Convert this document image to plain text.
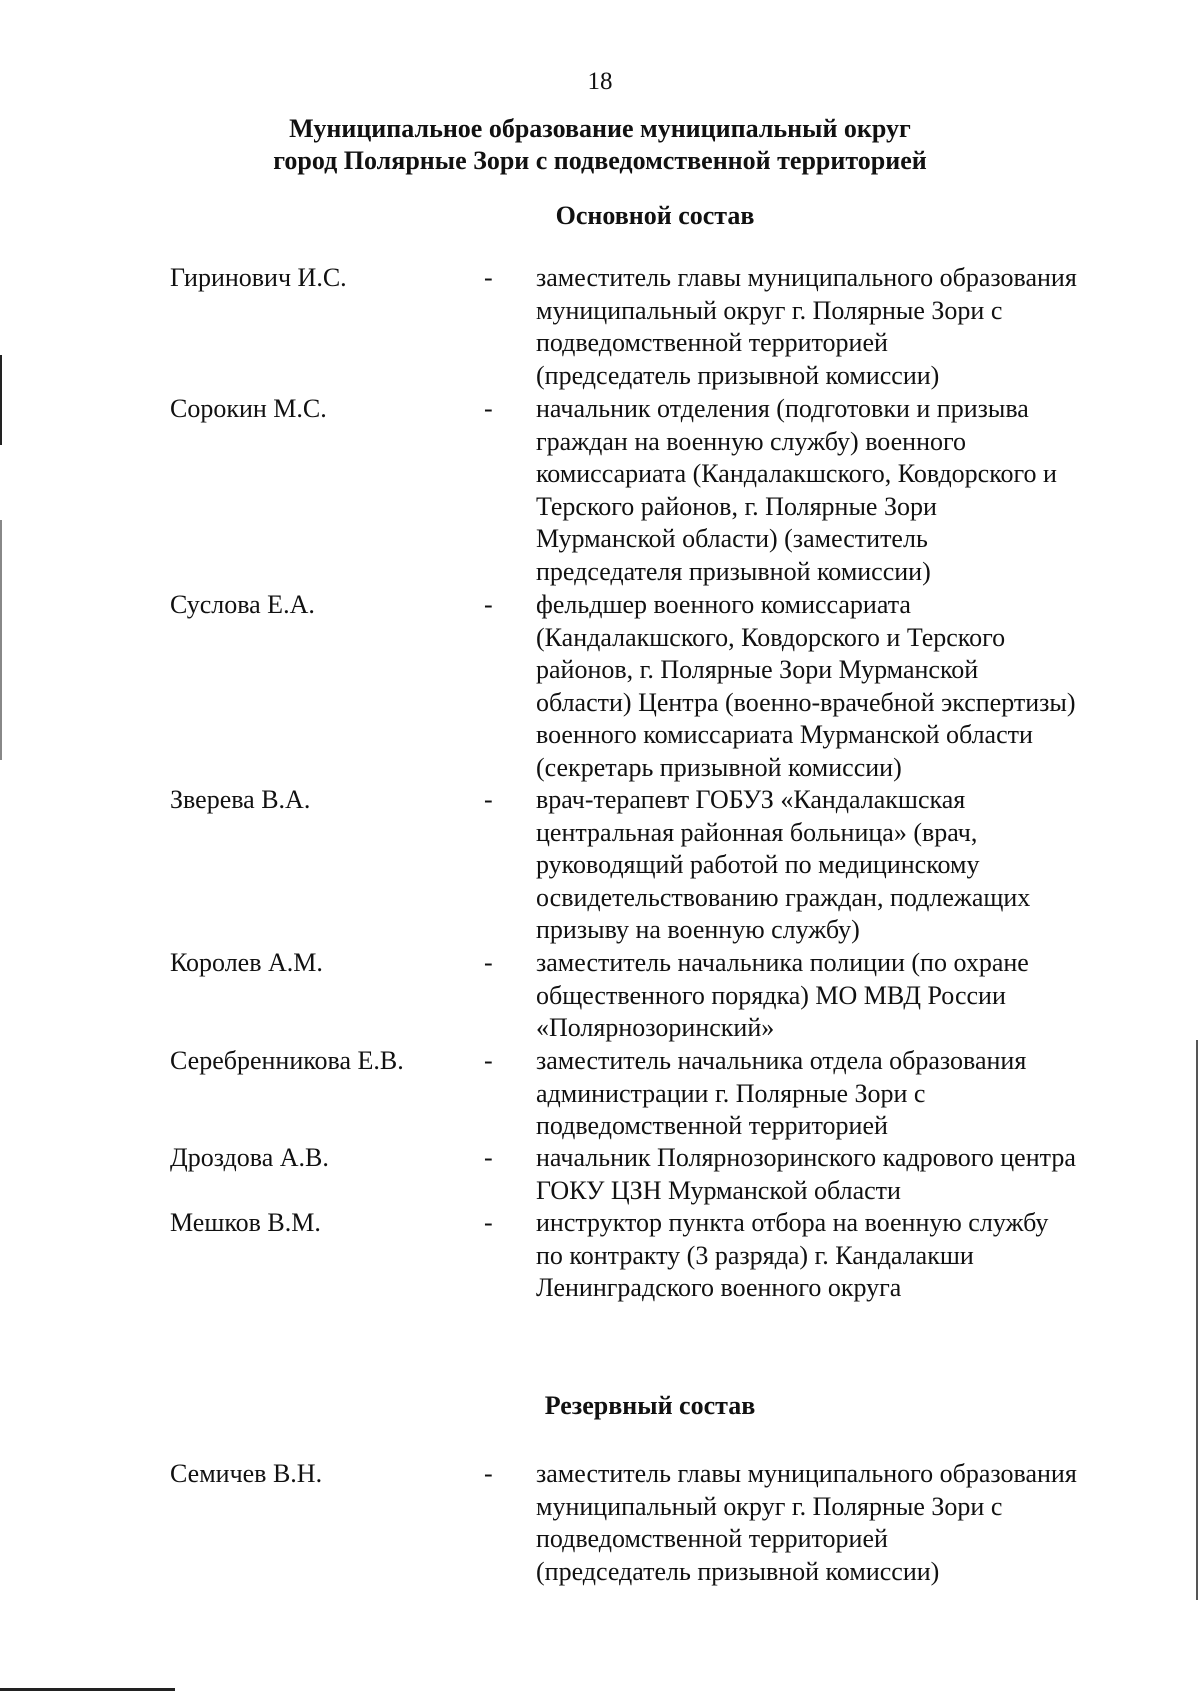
18
Муниципальное образование муниципальный округ
город Полярные Зори с подведомственной территорией
Основной состав
Гиринович И.С.	- заместитель главы муниципального образования
муниципальный округ г. Полярные Зори с
подведомственной территорией
(председатель призывной комиссии)
Сорокин М.С.	- начальник отделения (подготовки и призыва
граждан на военную службу) военного
комиссариата (Кандалакшского, Ковдорского и
Терского районов, г. Полярные Зори
Мурманской области) (заместитель
председателя призывной комиссии)
Суслова Е.А.	- фельдшер военного комиссариата
(Кандалакшского, Ковдорского и Терского
районов, г. Полярные Зори Мурманской
области) Центра (военно-врачебной экспертизы)
военного комиссариата Мурманской области
(секретарь призывной комиссии)
Зверева В.А.	- врач-терапевт ГОБУЗ «Кандалакшская
центральная районная больница» (врач,
руководящий работой по медицинскому
освидетельствованию граждан, подлежащих
призыву на военную службу)
Королев А.М.	- заместитель начальника полиции (по охране
общественного порядка) МО МВД России
«Полярнозоринский»
Серебренникова Е.В.	- заместитель начальника отдела образования
администрации г. Полярные Зори с
подведомственной территорией
Дроздова А.В.	- начальник Полярнозоринского кадрового центра
ГОКУ ЦЗН Мурманской области
Мешков В.М.	- инструктор пункта отбора на военную службу
по контракту (3 разряда) г. Кандалакши
Ленинградского военного округа
Резервный состав
Семичев В.Н.	- заместитель главы муниципального образования
муниципальный округ г. Полярные Зори с
подведомственной территорией
(председатель призывной комиссии)
